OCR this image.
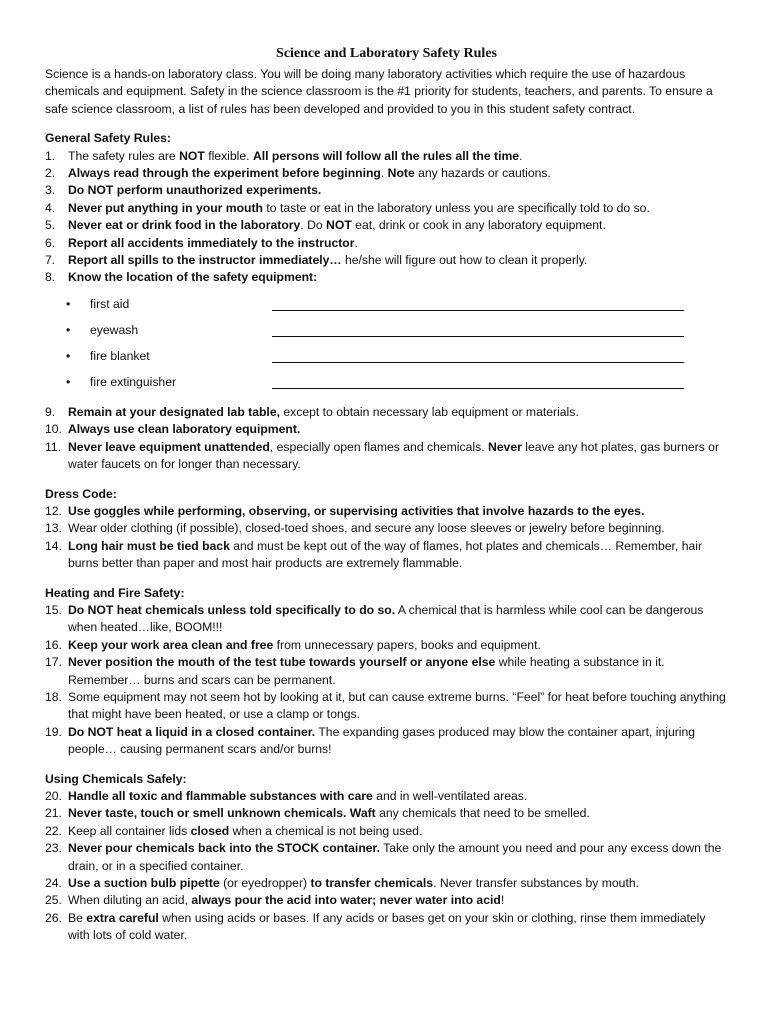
Science and Laboratory Safety Rules

Science is a hands-on laboratory class. You will be doing many laboratory activities which require the use of hazardous chemicals and equipment. Safety in the science classroom is the #1 priority for students, teachers, and parents. To ensure a safe science classroom, a list of rules has been developed and provided to you in this student safety contract.

General Safety Rules:

1. The safety rules are NOT flexible. All persons will follow all the rules all the time.
2. Always read through the experiment before beginning. Note any hazards or cautions.
3. Do NOT perform unauthorized experiments.
4. Never put anything in your mouth to taste or eat in the laboratory unless you are specifically told to do so.
5. Never eat or drink food in the laboratory. Do NOT eat, drink or cook in any laboratory equipment.
6. Report all accidents immediately to the instructor.
7. Report all spills to the instructor immediately… he/she will figure out how to clean it properly.
8. Know the location of the safety equipment:
• first aid
• eyewash
• fire blanket
• fire extinguisher
9. Remain at your designated lab table, except to obtain necessary lab equipment or materials.
10. Always use clean laboratory equipment.
11. Never leave equipment unattended, especially open flames and chemicals. Never leave any hot plates, gas burners or water faucets on for longer than necessary.

Dress Code:

12. Use goggles while performing, observing, or supervising activities that involve hazards to the eyes.
13. Wear older clothing (if possible), closed-toed shoes, and secure any loose sleeves or jewelry before beginning.
14. Long hair must be tied back and must be kept out of the way of flames, hot plates and chemicals… Remember, hair burns better than paper and most hair products are extremely flammable.

Heating and Fire Safety:

15. Do NOT heat chemicals unless told specifically to do so. A chemical that is harmless while cool can be dangerous when heated…like, BOOM!!!
16. Keep your work area clean and free from unnecessary papers, books and equipment.
17. Never position the mouth of the test tube towards yourself or anyone else while heating a substance in it. Remember… burns and scars can be permanent.
18. Some equipment may not seem hot by looking at it, but can cause extreme burns. “Feel” for heat before touching anything that might have been heated, or use a clamp or tongs.
19. Do NOT heat a liquid in a closed container. The expanding gases produced may blow the container apart, injuring people… causing permanent scars and/or burns!

Using Chemicals Safely:

20. Handle all toxic and flammable substances with care and in well-ventilated areas.
21. Never taste, touch or smell unknown chemicals. Waft any chemicals that need to be smelled.
22. Keep all container lids closed when a chemical is not being used.
23. Never pour chemicals back into the STOCK container. Take only the amount you need and pour any excess down the drain, or in a specified container.
24. Use a suction bulb pipette (or eyedropper) to transfer chemicals. Never transfer substances by mouth.
25. When diluting an acid, always pour the acid into water; never water into acid!
26. Be extra careful when using acids or bases. If any acids or bases get on your skin or clothing, rinse them immediately with lots of cold water.
